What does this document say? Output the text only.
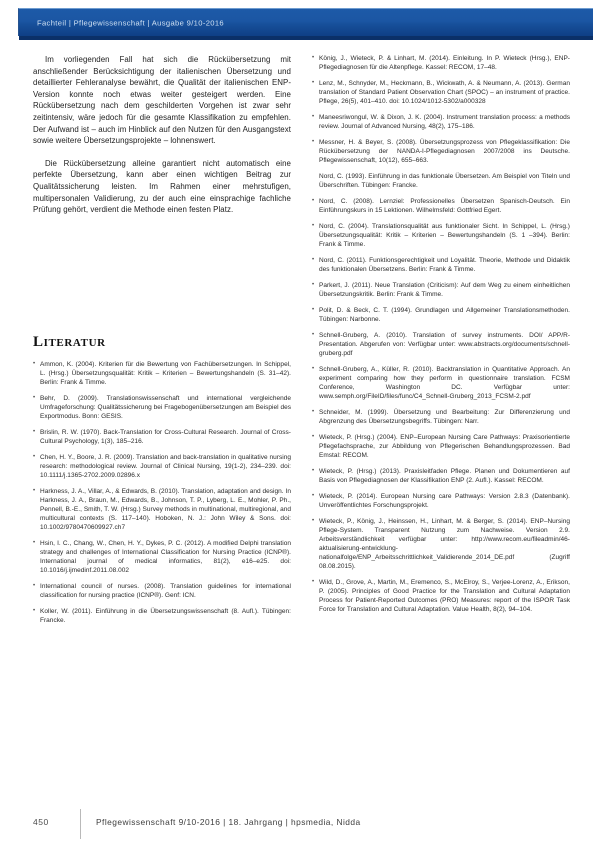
Fachteil | Pflegewissenschaft | Ausgabe 9/10-2016

Im vorliegenden Fall hat sich die Rückübersetzung mit anschließender Berücksichtigung der italienischen Übersetzung und detaillierter Fehleranalyse bewährt, die Qualität der italienischen ENP-Version konnte noch etwas weiter gesteigert werden. Eine Rückübersetzung nach dem geschilderten Vorgehen ist zwar sehr zeitintensiv, wäre jedoch für die gesamte Klassifikation zu empfehlen. Der Aufwand ist – auch im Hinblick auf den Nutzen für den Ausgangstext sowie weitere Übersetzungsprojekte – lohnenswert.

Die Rückübersetzung alleine garantiert nicht automatisch eine perfekte Übersetzung, kann aber einen wichtigen Beitrag zur Qualitätssicherung leisten. Im Rahmen einer mehrstufigen, multipersonalen Validierung, zu der auch eine einsprachige fachliche Prüfung gehört, verdient die Methode einen festen Platz.

Literatur
• Ammon, K. (2004). Kriterien für die Bewertung von Fachübersetzungen. In Schippel, L. (Hrsg.) Übersetzungsqualität: Kritik – Kriterien – Bewertungshandeln (S. 31–42). Berlin: Frank & Timme.
• Behr, D. (2009). Translationswissenschaft und international vergleichende Umfrageforschung: Qualitätssicherung bei Fragebogenübersetzungen am Beispiel des Exportmodus. Bonn: GESIS.
• Brislin, R. W. (1970). Back-Translation for Cross-Cultural Research. Journal of Cross-Cultural Psychology, 1(3), 185–216.
• Chen, H. Y., Boore, J. R. (2009). Translation and back-translation in qualitative nursing research: methodological review. Journal of Clinical Nursing, 19(1-2), 234–239. doi: 10.1111/j.1365-2702.2009.02896.x
• Harkness, J. A., Villar, A., & Edwards, B. (2010). Translation, adaptation and design. In Harkness, J. A., Braun, M., Edwards, B., Johnson, T. P., Lyberg, L. E., Mohler, P. Ph., Pennell, B.-E., Smith, T. W. (Hrsg.) Survey methods in multinational, multiregional, and multicultural contexts (S. 117–140). Hoboken, N. J.: John Wiley & Sons. doi: 10.1002/9780470609927.ch7
• Hsin, I. C., Chang, W., Chen, H. Y., Dykes, P. C. (2012). A modified Delphi translation strategy and challenges of International Classification for Nursing Practice (ICNP®). International journal of medical informatics, 81(2), e16–e25. doi: 10.1016/j.ijmedinf.2011.08.002
• International council of nurses. (2008). Translation guidelines for international classification for nursing practice (ICNP®). Genf: ICN.
• Koller, W. (2011). Einführung in die Übersetzungswissenschaft (8. Aufl.). Tübingen: Francke.
• König, J., Wieteck, P. & Linhart, M. (2014). Einleitung. In P. Wieteck (Hrsg.), ENP-Pflegediagnosen für die Altenpflege. Kassel: RECOM, 17–48.
• Lenz, M., Schnyder, M., Heckmann, B., Wickwath, A. & Neumann, A. (2013). German translation of Standard Patient Observation Chart (SPOC) – an instrument of practice. Pflege, 26(5), 401–410. doi: 10.1024/1012-5302/a000328
• Maneesriwongul, W. & Dixon, J. K. (2004). Instrument translation process: a methods review. Journal of Advanced Nursing, 48(2), 175–186.
• Messner, H. & Beyer, S. (2008). Übersetzungsprozess von Pflegeklassifikation: Die Rückübersetzung der NANDA-I-Pflegediagnosen 2007/2008 ins Deutsche. Pflegewissenschaft, 10(12), 655–663.
Nord, C. (1993). Einführung in das funktionale Übersetzen. Am Beispiel von Titeln und Überschriften. Tübingen: Francke.
• Nord, C. (2008). Lernziel: Professionelles Übersetzen Spanisch-Deutsch. Ein Einführungskurs in 15 Lektionen. Wilhelmsfeld: Gottfried Egert.
• Nord, C. (2004). Translationsqualität aus funktionaler Sicht. In Schippel, L. (Hrsg.) Übersetzungsqualität: Kritik – Kriterien – Bewertungshandeln (S. 1 –394). Berlin: Frank & Timme.
• Nord, C. (2011). Funktionsgerechtigkeit und Loyalität. Theorie, Methode und Didaktik des funktionalen Übersetzens. Berlin: Frank & Timme.
• Parkert, J. (2011). Neue Translation (Criticism): Auf dem Weg zu einem einheitlichen Übersetzungskritik. Berlin: Frank & Timme.
• Polit, D. & Beck, C. T. (1994). Grundlagen und Allgemeiner Translationsmethoden. Tübingen: Narbonne.
• Schnell-Gruberg, A. (2010). Translation of survey instruments. DOI/ APP/R-Presentation. Abgerufen von: Verfügbar unter: www.abstracts.org/documents/schnell-gruberg.pdf
• Schnell-Gruberg, A., Küller, R. (2010). Backtranslation in Quantitative Approach. An experiment comparing how they perform in questionnaire translation. FCSM Conference, Washington DC. Verfügbar unter: www.semph.org/FileID/files/func/C4_Schnell-Gruberg_2013_FCSM-2.pdf
• Schneider, M. (1999). Übersetzung und Bearbeitung: Zur Differenzierung und Abgrenzung des Übersetzungsbegriffs. Tübingen: Narr.
• Wieteck, P. (Hrsg.) (2004). ENP–European Nursing Care Pathways: Praxisorientierte Pflegefachsprache, zur Abbildung von Pflegerischen Behandlungsprozessen. Bad Emstal: RECOM.
• Wieteck, P. (Hrsg.) (2013). Praxisleitfaden Pflege. Planen und Dokumentieren auf Basis von Pflegediagnosen der Klassifikation ENP (2. Aufl.). Kassel: RECOM.
• Wieteck, P. (2014). European Nursing care Pathways: Version 2.8.3 (Datenbank). Unveröffentlichtes Forschungsprojekt.
• Wieteck, P., König, J., Heinssen, H., Linhart, M. & Berger, S. (2014). ENP–Nursing Pflege-System. Transparent Nutzung zum Nachweise. Version 2.9. Arbeitsverständlichkeit verfügbar unter: http://www.recom.eu/fileadmin/46-aktualisierung-entwicklung-nationalfolge/ENP_Arbeitsschrittlichkeit_Validierende_2014_DE.pdf (Zugriff 08.08.2015).
• Wild, D., Grove, A., Martin, M., Eremenco, S., McElroy, S., Verjee-Lorenz, A., Erikson, P. (2005). Principles of Good Practice for the Translation and Cultural Adaptation Process for Patient-Reported Outcomes (PRO) Measures: report of the ISPOR Task Force for Translation and Cultural Adaptation. Value Health, 8(2), 94–104.
450	Pflegewissenschaft 9/10-2016 | 18. Jahrgang | hpsmedia, Nidda
